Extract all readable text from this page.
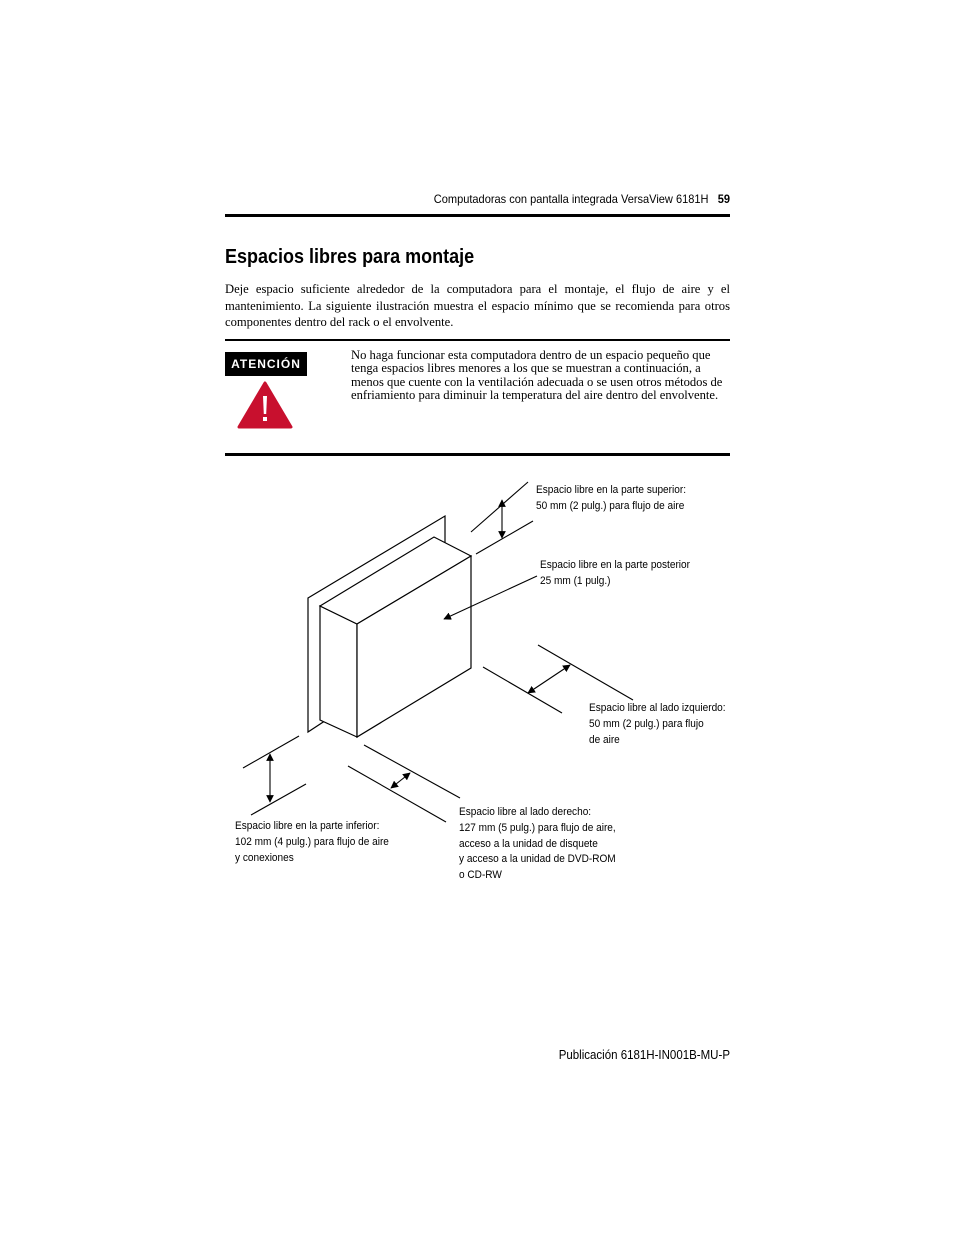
Computadoras con pantalla integrada VersaView 6181H 59
Espacios libres para montaje

Deje espacio suficiente alrededor de la computadora para el montaje, el flujo de aire y el mantenimiento. La siguiente ilustración muestra el espacio mínimo que se recomienda para otros componentes dentro del rack o el envolvente.

ATENCIÓN

No haga funcionar esta computadora dentro de un espacio pequeño que tenga espacios libres menores a los que se muestran a continuación, a menos que cuente con la ventilación adecuada o se usen otros métodos de enfriamiento para diminuir la temperatura del aire dentro del envolvente.

Espacio libre en la parte superior:
50 mm (2 pulg.) para flujo de aire
Espacio libre en la parte posterior
25 mm (1 pulg.)
Espacio libre al lado izquierdo:
50 mm (2 pulg.) para flujo
de aire
Espacio libre al lado derecho:
127 mm (5 pulg.) para flujo de aire,
acceso a la unidad de disquete
y acceso a la unidad de DVD-ROM
o CD-RW
Espacio libre en la parte inferior:
102 mm (4 pulg.) para flujo de aire
y conexiones
Publicación 6181H-IN001B-MU-P
